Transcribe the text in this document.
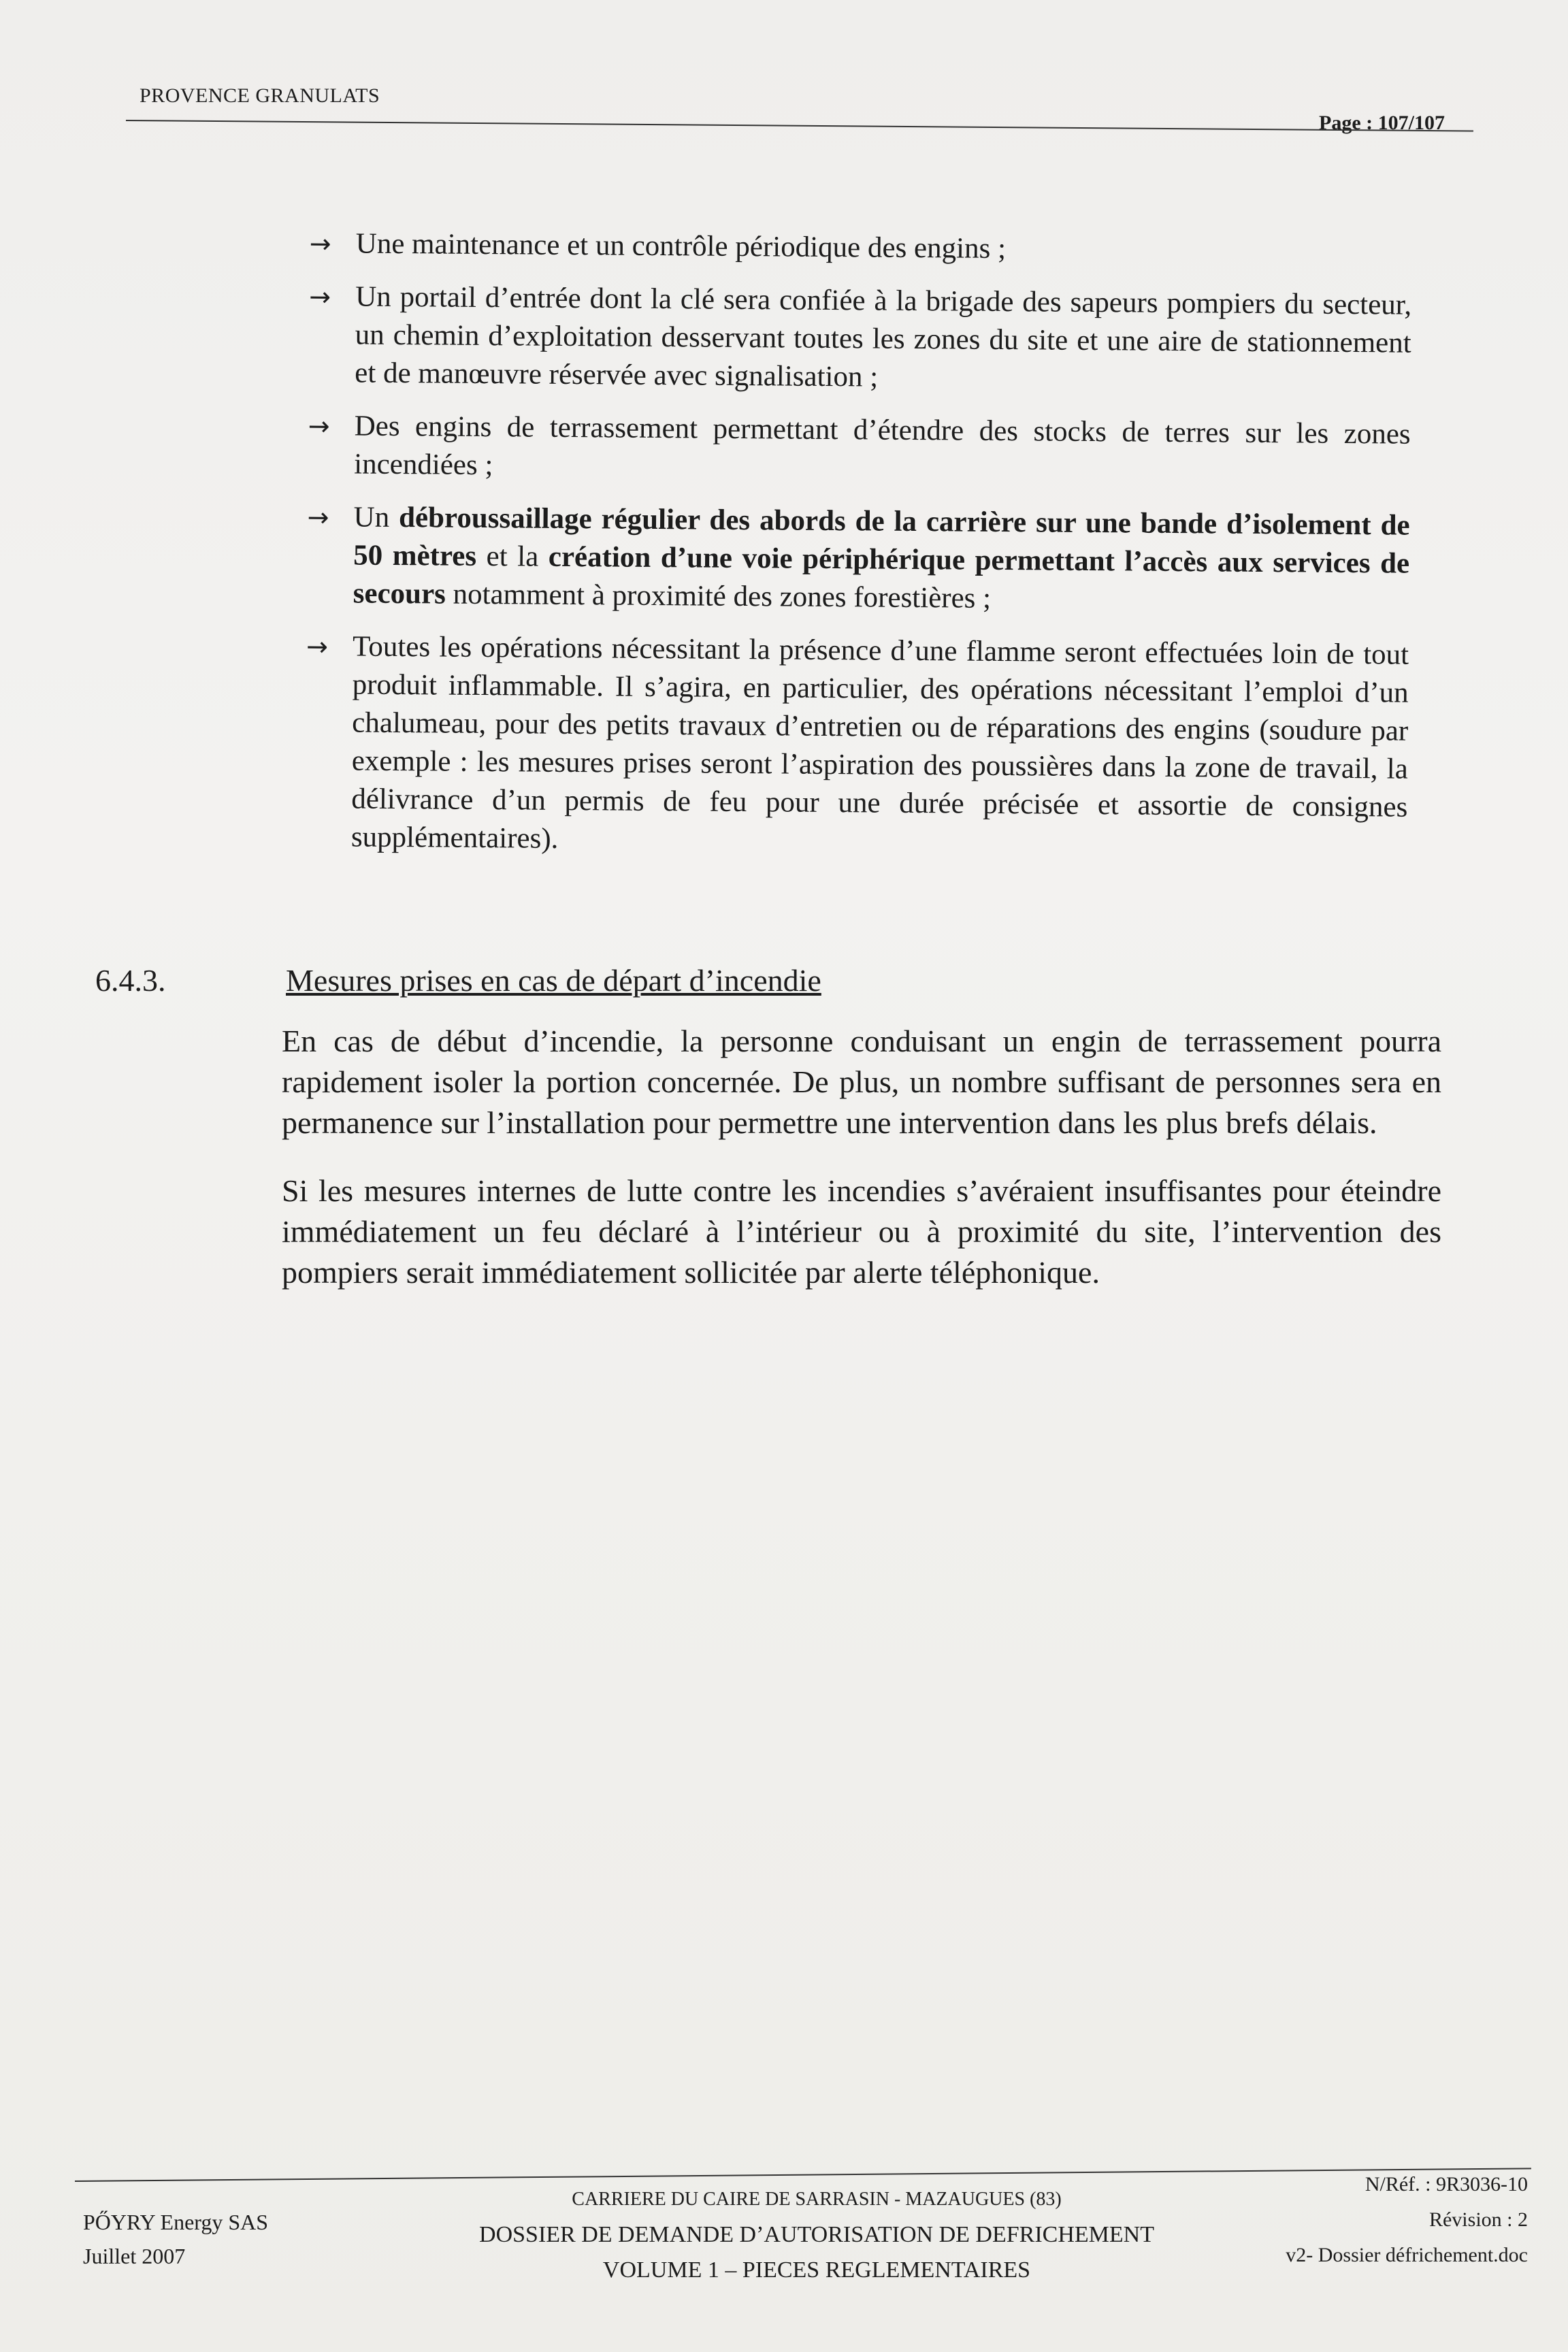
PROVENCE GRANULATS
Page : 107/107
→ Une maintenance et un contrôle périodique des engins ;
→ Un portail d’entrée dont la clé sera confiée à la brigade des sapeurs pompiers du secteur, un chemin d’exploitation desservant toutes les zones du site et une aire de stationnement et de manœuvre réservée avec signalisation ;
→ Des engins de terrassement permettant d’étendre des stocks de terres sur les zones incendiées ;
→ Un débroussaillage régulier des abords de la carrière sur une bande d’isolement de 50 mètres et la création d’une voie périphérique permettant l’accès aux services de secours notamment à proximité des zones forestières ;
→ Toutes les opérations nécessitant la présence d’une flamme seront effectuées loin de tout produit inflammable. Il s’agira, en particulier, des opérations nécessitant l’emploi d’un chalumeau, pour des petits travaux d’entretien ou de réparations des engins (soudure par exemple : les mesures prises seront l’aspiration des poussières dans la zone de travail, la délivrance d’un permis de feu pour une durée précisée et assortie de consignes supplémentaires).
6.4.3.	Mesures prises en cas de départ d’incendie

En cas de début d’incendie, la personne conduisant un engin de terrassement pourra rapidement isoler la portion concernée. De plus, un nombre suffisant de personnes sera en permanence sur l’installation pour permettre une intervention dans les plus brefs délais.

Si les mesures internes de lutte contre les incendies s’avéraient insuffisantes pour éteindre immédiatement un feu déclaré à l’intérieur ou à proximité du site, l’intervention des pompiers serait immédiatement sollicitée par alerte téléphonique.

PŐYRY Energy SAS
Juillet 2007
CARRIERE DU CAIRE DE SARRASIN - MAZAUGUES (83)
DOSSIER DE DEMANDE D’AUTORISATION DE DEFRICHEMENT
VOLUME 1 – PIECES REGLEMENTAIRES
N/Réf. : 9R3036-10
Révision : 2
v2- Dossier défrichement.doc
